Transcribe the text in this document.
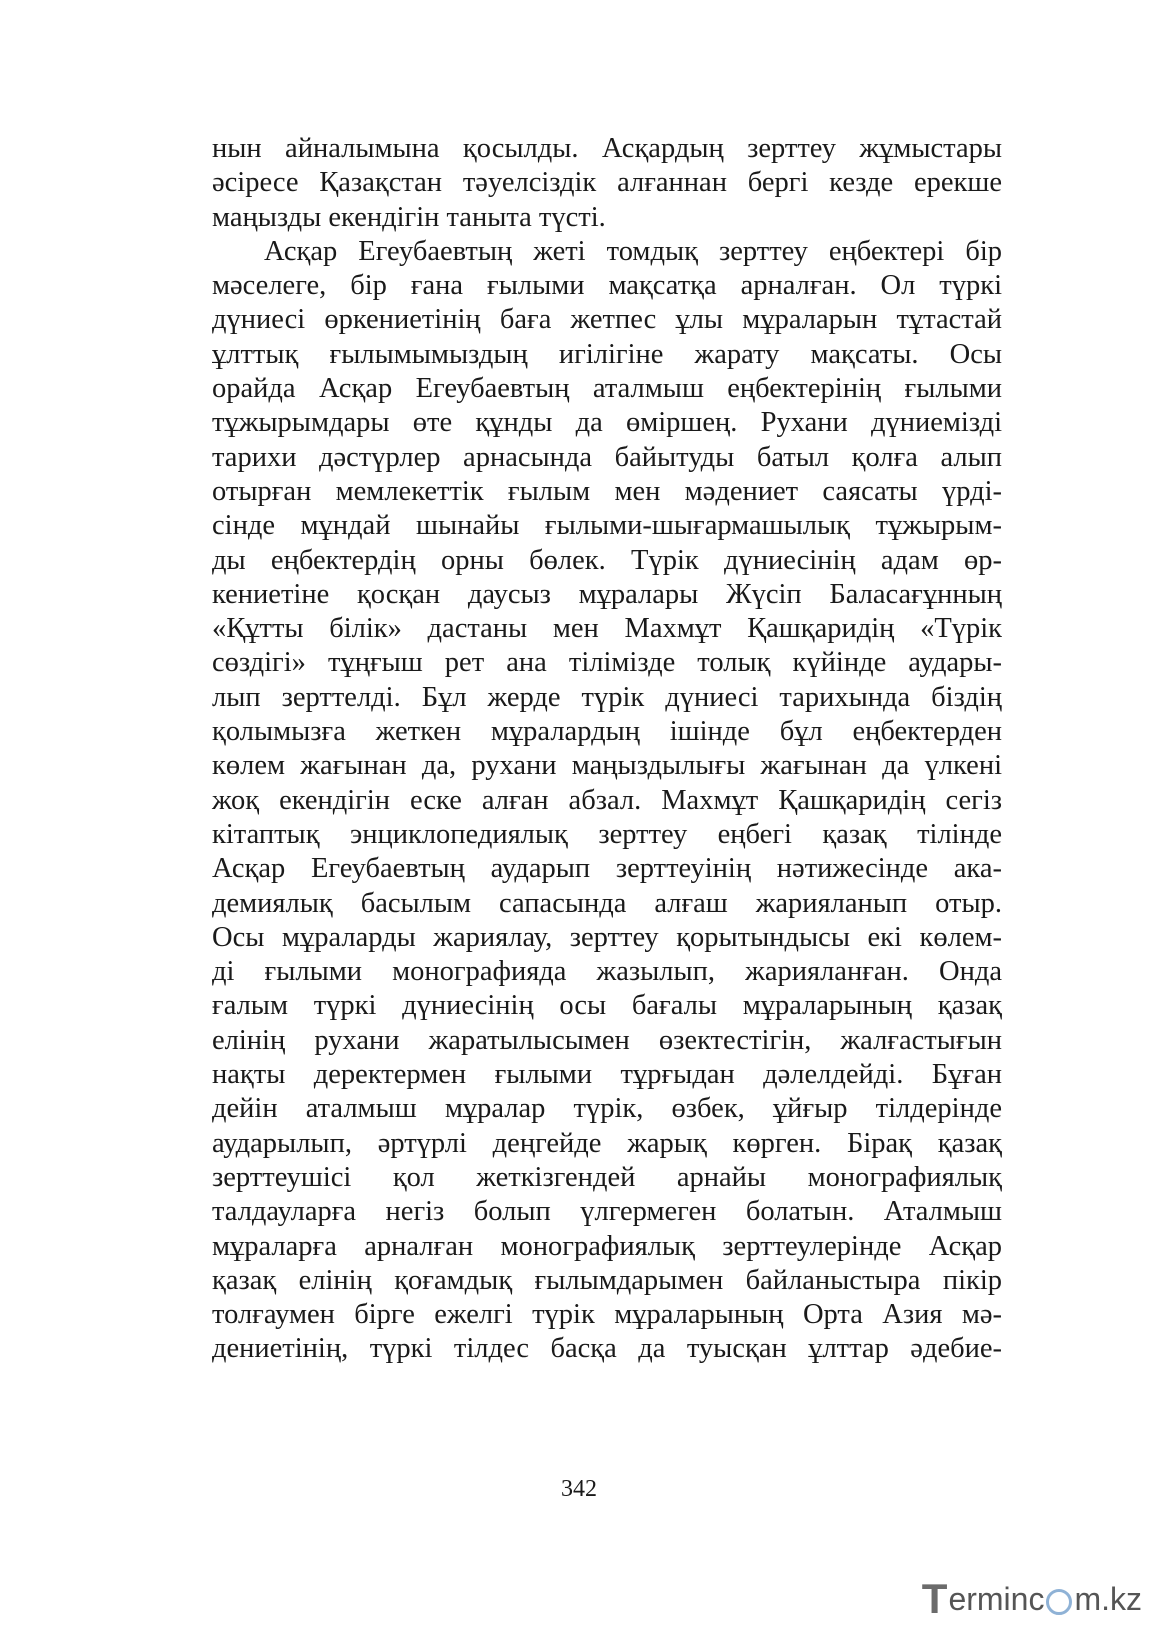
нын айналымына қосылды. Асқардың зерттеу жұмыстары
әсіресе Қазақстан тәуелсіздік алғаннан бергі кезде ерекше
маңызды екендігін таныта түсті.
Асқар Егеубаевтың жеті томдық зерттеу еңбектері бір
мәселеге, бір ғана ғылыми мақсатқа арналған. Ол түркі
дүниесі өркениетінің баға жетпес ұлы мұраларын тұтастай
ұлттық ғылымымыздың игілігіне жарату мақсаты. Осы
орайда Асқар Егеубаевтың аталмыш еңбектерінің ғылыми
тұжырымдары өте құнды да өміршең. Рухани дүниемізді
тарихи дәстүрлер арнасында байытуды батыл қолға алып
отырған мемлекеттік ғылым мен мәдениет саясаты үрді-
сінде мұндай шынайы ғылыми-шығармашылық тұжырым-
ды еңбектердің орны бөлек. Түрік дүниесінің адам өр-
кениетіне қосқан даусыз мұралары Жүсіп Баласағұнның
«Құтты білік» дастаны мен Махмұт Қашқаридің «Түрік
сөздігі» тұңғыш рет ана тілімізде толық күйінде аудары-
лып зерттелді. Бұл жерде түрік дүниесі тарихында біздің
қолымызға жеткен мұралардың ішінде бұл еңбектерден
көлем жағынан да, рухани маңыздылығы жағынан да үлкені
жоқ екендігін еске алған абзал. Махмұт Қашқаридің сегіз
кітаптық энциклопедиялық зерттеу еңбегі қазақ тілінде
Асқар Егеубаевтың аударып зерттеуінің нәтижесінде ака-
демиялық басылым сапасында алғаш жарияланып отыр.
Осы мұраларды жариялау, зерттеу қорытындысы екі көлем-
ді ғылыми монографияда жазылып, жарияланған. Онда
ғалым түркі дүниесінің осы бағалы мұраларының қазақ
елінің рухани жаратылысымен өзектестігін, жалғастығын
нақты деректермен ғылыми тұрғыдан дәлелдейді. Бұған
дейін аталмыш мұралар түрік, өзбек, ұйғыр тілдерінде
аударылып, әртүрлі деңгейде жарық көрген. Бірақ қазақ
зерттеушісі қол жеткізгендей арнайы монографиялық
талдауларға негіз болып үлгермеген болатын. Аталмыш
мұраларға арналған монографиялық зерттеулерінде Асқар
қазақ елінің қоғамдық ғылымдарымен байланыстыра пікір
толғаумен бірге ежелгі түрік мұраларының Орта Азия мә-
дениетінің, түркі тілдес басқа да туысқан ұлттар әдебие-
342
T erminc m.kz
